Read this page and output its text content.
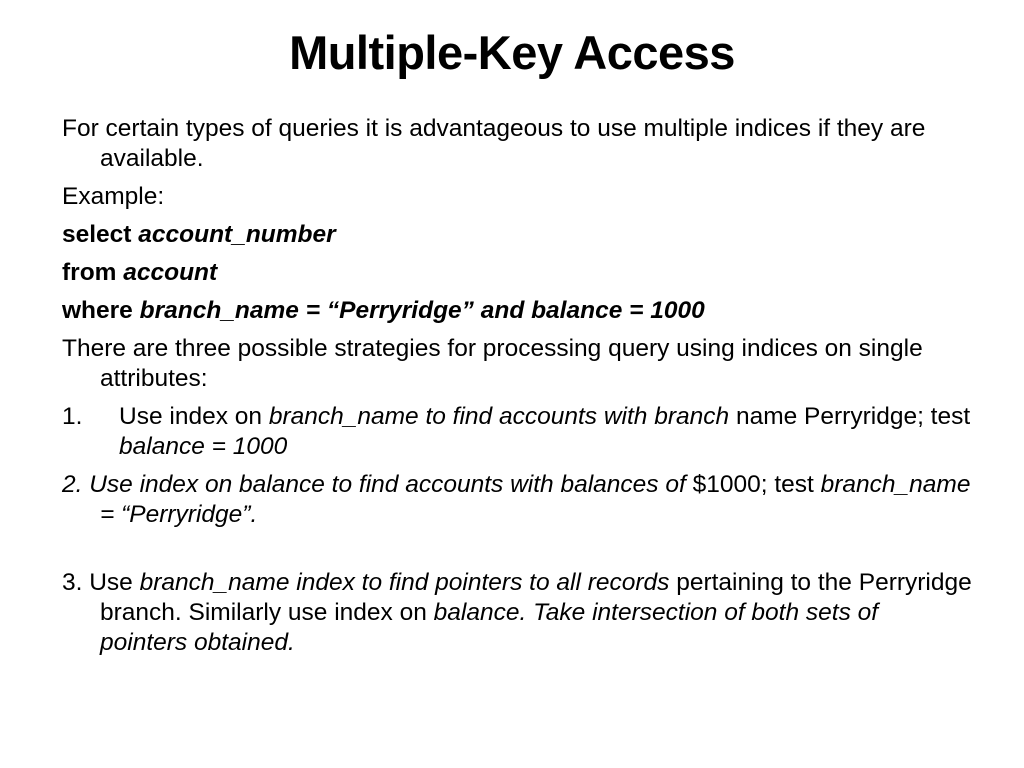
Multiple-Key Access

For certain types of queries it is advantageous to use multiple indices if they are available.

Example:

select account_number

from account

where branch_name = “Perryridge” and balance = 1000

There are three possible strategies for processing query using indices on single attributes:

1. Use index on branch_name to find accounts with branch name Perryridge; test balance = 1000

2. Use index on balance to find accounts with balances of $1000; test branch_name = “Perryridge”.

3. Use branch_name index to find pointers to all records pertaining to the Perryridge branch. Similarly use index on balance. Take intersection of both sets of pointers obtained.
